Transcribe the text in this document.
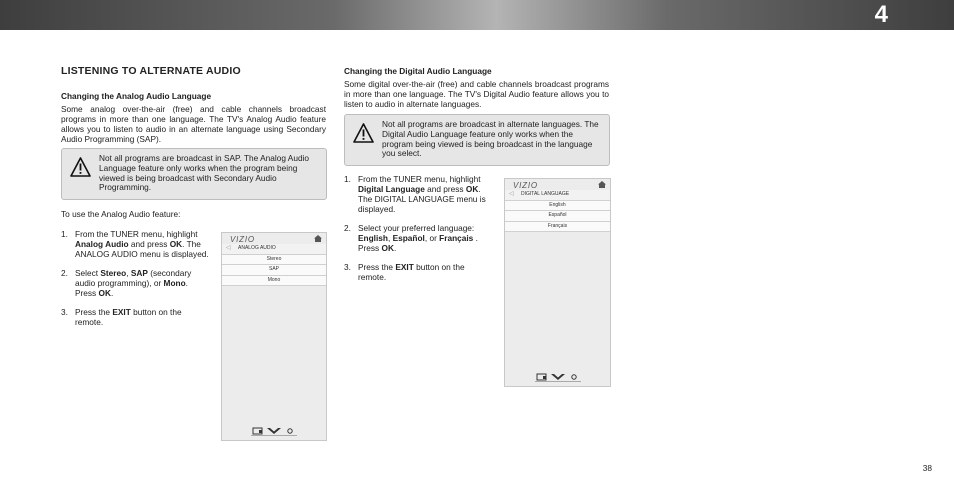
4
LISTENING TO ALTERNATE AUDIO
Changing the Analog Audio Language

Some analog over-the-air (free) and cable channels broadcast programs in more than one language. The TV's Analog Audio feature allows you to listen to audio in an alternate language using Secondary Audio Programming (SAP).

Not all programs are broadcast in SAP. The Analog Audio Language feature only works when the program being viewed is being broadcast with Secondary Audio Programming.

To use the Analog Audio feature:

1. From the TUNER menu, highlight Analog Audio and press OK. The ANALOG AUDIO menu is displayed.
2. Select Stereo, SAP (secondary audio programming), or Mono. Press OK.
3. Press the EXIT button on the remote.
VIZIO
◁ ANALOG AUDIO
Stereo
SAP
Mono
Changing the Digital Audio Language

Some digital over-the-air (free) and cable channels broadcast programs in more than one language. The TV's Digital Audio feature allows you to listen to audio in alternate languages.

Not all programs are broadcast in alternate languages. The Digital Audio Language feature only works when the program being viewed is being broadcast in the language you select.
1. From the TUNER menu, highlight Digital Language and press OK. The DIGITAL LANGUAGE menu is displayed.
2. Select your preferred language: English, Español, or Français . Press OK.
3. Press the EXIT button on the remote.
VIZIO
◁ DIGITAL LANGUAGE
English
Español
Français
38
